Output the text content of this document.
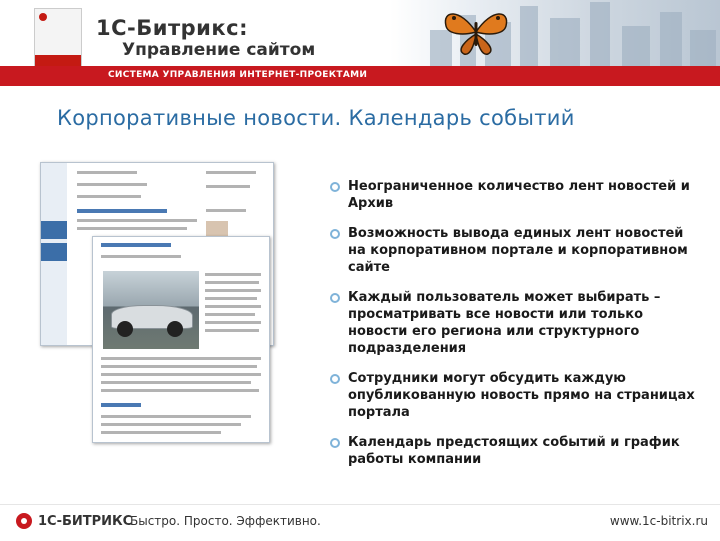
1С-Битрикс:
Управление сайтом
СИСТЕМА УПРАВЛЕНИЯ ИНТЕРНЕТ-ПРОЕКТАМИ
Корпоративные новости. Календарь событий
Неограниченное количество лент новостей и Архив
Возможность вывода единых лент новостей на корпоративном портале и корпоративном сайте
Каждый пользователь может выбирать – просматривать все новости или только новости его региона или структурного подразделения
Сотрудники могут обсудить каждую опубликованную новость прямо на страницах портала
Календарь предстоящих событий и график работы компании
1С-БИТРИКС
Быстро. Просто. Эффективно.	www.1c-bitrix.ru
